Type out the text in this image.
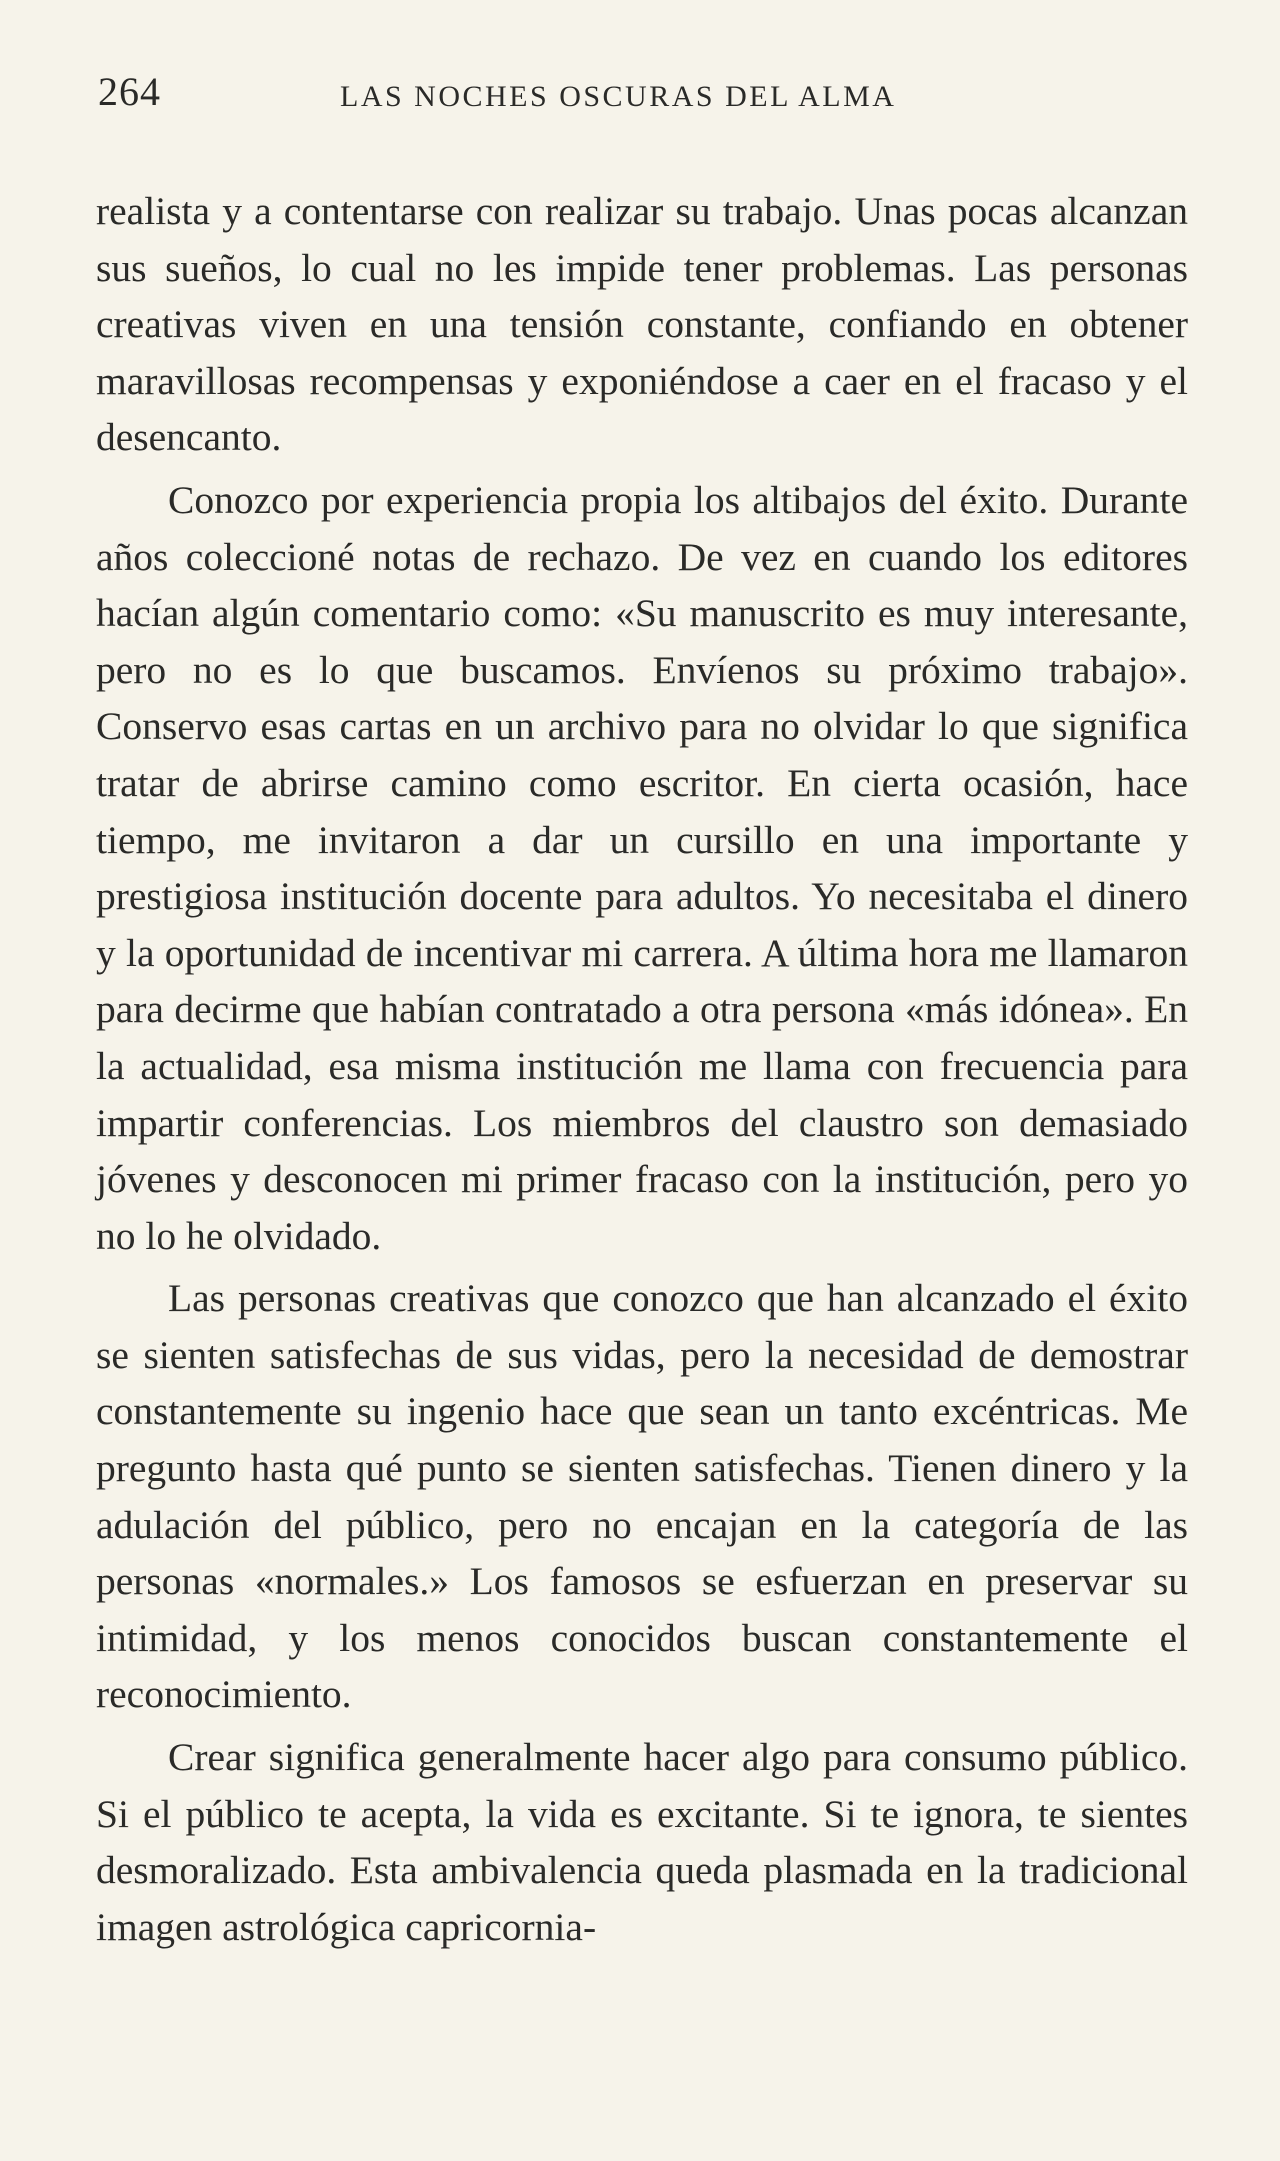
264	LAS NOCHES OSCURAS DEL ALMA

realista y a contentarse con realizar su trabajo. Unas pocas alcanzan sus sueños, lo cual no les impide tener problemas. Las personas creativas viven en una tensión constante, confiando en obtener maravillosas recompensas y exponiéndose a caer en el fracaso y el desencanto.

Conozco por experiencia propia los altibajos del éxito. Durante años coleccioné notas de rechazo. De vez en cuando los editores hacían algún comentario como: «Su manuscrito es muy interesante, pero no es lo que buscamos. Envíenos su próximo trabajo». Conservo esas cartas en un archivo para no olvidar lo que significa tratar de abrirse camino como escritor. En cierta ocasión, hace tiempo, me invitaron a dar un cursillo en una importante y prestigiosa institución docente para adultos. Yo necesitaba el dinero y la oportunidad de incentivar mi carrera. A última hora me llamaron para decirme que habían contratado a otra persona «más idónea». En la actualidad, esa misma institución me llama con frecuencia para impartir conferencias. Los miembros del claustro son demasiado jóvenes y desconocen mi primer fracaso con la institución, pero yo no lo he olvidado.

Las personas creativas que conozco que han alcanzado el éxito se sienten satisfechas de sus vidas, pero la necesidad de demostrar constantemente su ingenio hace que sean un tanto excéntricas. Me pregunto hasta qué punto se sienten satisfechas. Tienen dinero y la adulación del público, pero no encajan en la categoría de las personas «normales.» Los famosos se esfuerzan en preservar su intimidad, y los menos conocidos buscan constantemente el reconocimiento.

Crear significa generalmente hacer algo para consumo público. Si el público te acepta, la vida es excitante. Si te ignora, te sientes desmoralizado. Esta ambivalencia queda plasmada en la tradicional imagen astrológica capricornia-
